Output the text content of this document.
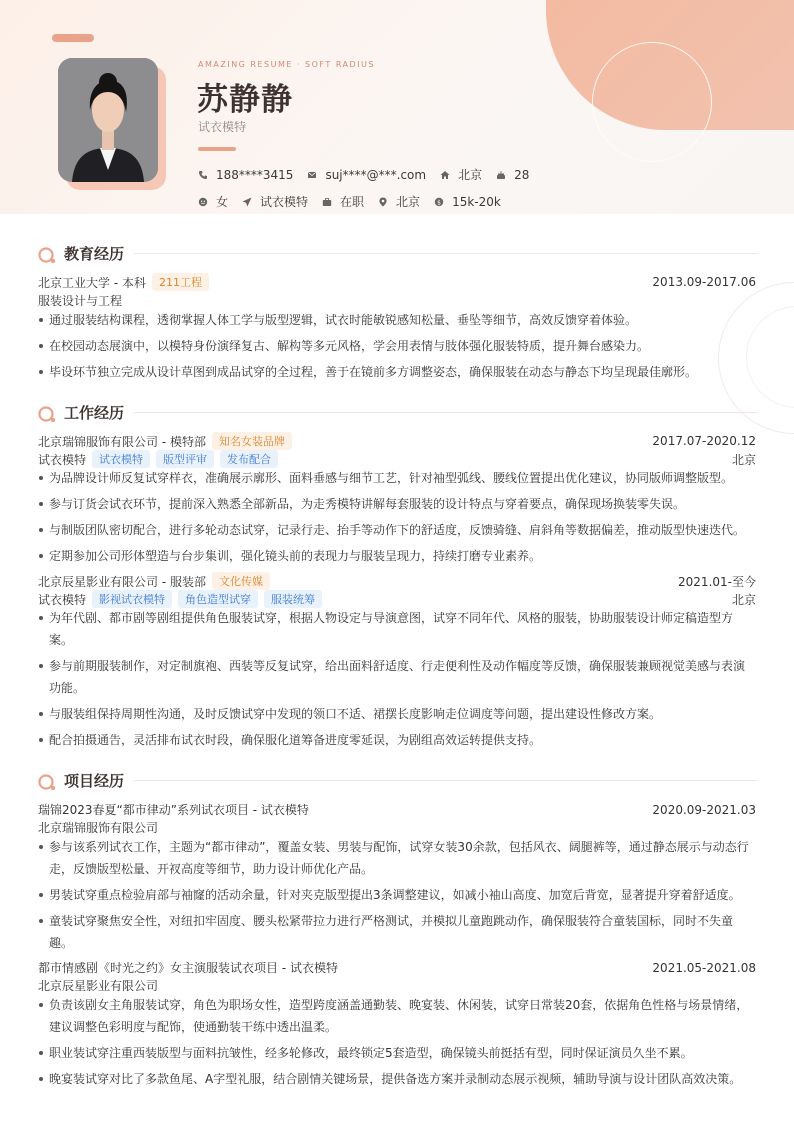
AMAZING RESUME · SOFT RADIUS
苏静静
试衣模特
188****3415	suj****@***.com	北京	28
女	试衣模特	在职	北京	$ 15k-20k
教育经历
北京工业大学 - 本科	211工程	2013.09-2017.06
服装设计与工程
通过服装结构课程，透彻掌握人体工学与版型逻辑，试衣时能敏锐感知松量、垂坠等细节，高效反馈穿着体验。
在校园动态展演中，以模特身份演绎复古、解构等多元风格，学会用表情与肢体强化服装特质，提升舞台感染力。
毕设环节独立完成从设计草图到成品试穿的全过程，善于在镜前多方调整姿态，确保服装在动态与静态下均呈现最佳廓形。
工作经历
北京瑞锦服饰有限公司 - 模特部	知名女装品牌	2017.07-2020.12
试衣模特	试衣模特	版型评审	发布配合	北京
为品牌设计师反复试穿样衣，准确展示廓形、面料垂感与细节工艺，针对袖型弧线、腰线位置提出优化建议，协同版师调整版型。
参与订货会试衣环节，提前深入熟悉全部新品，为走秀模特讲解每套服装的设计特点与穿着要点，确保现场换装零失误。
与制版团队密切配合，进行多轮动态试穿，记录行走、抬手等动作下的舒适度，反馈骑缝、肩斜角等数据偏差，推动版型快速迭代。
定期参加公司形体塑造与台步集训，强化镜头前的表现力与服装呈现力，持续打磨专业素养。
北京辰星影业有限公司 - 服装部	文化传媒	2021.01-至今
试衣模特	影视试衣模特	角色造型试穿	服装统筹	北京
为年代剧、都市剧等剧组提供角色服装试穿，根据人物设定与导演意图，试穿不同年代、风格的服装，协助服装设计师定稿造型方案。
参与前期服装制作，对定制旗袍、西装等反复试穿，给出面料舒适度、行走便利性及动作幅度等反馈，确保服装兼顾视觉美感与表演功能。
与服装组保持周期性沟通，及时反馈试穿中发现的领口不适、裙摆长度影响走位调度等问题，提出建设性修改方案。
配合拍摄通告，灵活排布试衣时段，确保服化道筹备进度零延误，为剧组高效运转提供支持。
项目经历
瑞锦2023春夏“都市律动”系列试衣项目 - 试衣模特	2020.09-2021.03
北京瑞锦服饰有限公司
参与该系列试衣工作，主题为“都市律动”，覆盖女装、男装与配饰，试穿女装30余款，包括风衣、阔腿裤等，通过静态展示与动态行走，反馈版型松量、开衩高度等细节，助力设计师优化产品。
男装试穿重点检验肩部与袖窿的活动余量，针对夹克版型提出3条调整建议，如减小袖山高度、加宽后背宽，显著提升穿着舒适度。
童装试穿聚焦安全性，对纽扣牢固度、腰头松紧带拉力进行严格测试，并模拟儿童跑跳动作，确保服装符合童装国标，同时不失童趣。
都市情感剧《时光之约》女主演服装试衣项目 - 试衣模特	2021.05-2021.08
北京辰星影业有限公司
负责该剧女主角服装试穿，角色为职场女性，造型跨度涵盖通勤装、晚宴装、休闲装，试穿日常装20套，依据角色性格与场景情绪，建议调整色彩明度与配饰，使通勤装干练中透出温柔。
职业装试穿注重西装版型与面料抗皱性，经多轮修改，最终锁定5套造型，确保镜头前挺括有型，同时保证演员久坐不累。
晚宴装试穿对比了多款鱼尾、A字型礼服，结合剧情关键场景，提供备选方案并录制动态展示视频，辅助导演与设计团队高效决策。
